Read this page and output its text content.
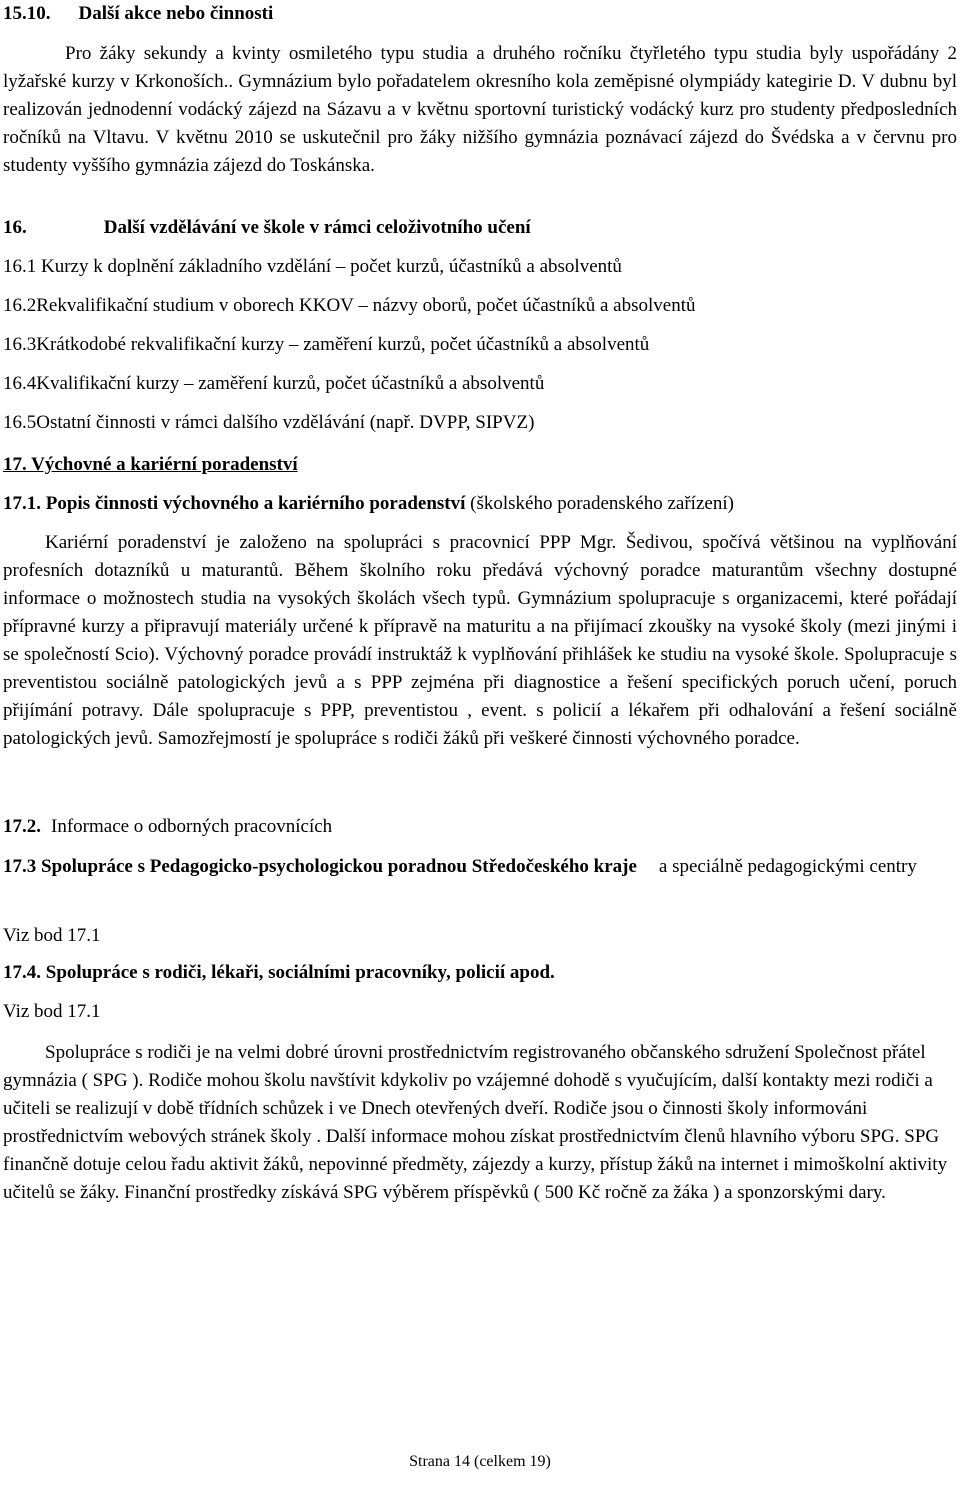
15.10. Další akce nebo činnosti

Pro žáky sekundy a kvinty osmiletého typu studia a druhého ročníku čtyřletého typu studia byly uspořádány 2 lyžařské kurzy v Krkonoších.. Gymnázium bylo pořadatelem okresního kola zeměpisné olympiády kategirie D. V dubnu byl realizován jednodenní vodácký zájezd na Sázavu a v květnu sportovní turistický vodácký kurz pro studenty předposledních ročníků na Vltavu. V květnu 2010 se uskutečnil pro žáky nižšího gymnázia poznávací zájezd do Švédska a v červnu pro studenty vyššího gymnázia zájezd do Toskánska.

16.	Další vzdělávání ve škole v rámci celoživotního učení
16.1 Kurzy k doplnění základního vzdělání – počet kurzů, účastníků a absolventů
16.2Rekvalifikační studium v oborech KKOV – názvy oborů, počet účastníků a absolventů
16.3Krátkodobé rekvalifikační kurzy – zaměření kurzů, počet účastníků a absolventů
16.4Kvalifikační kurzy – zaměření kurzů, počet účastníků a absolventů
16.5Ostatní činnosti v rámci dalšího vzdělávání (např. DVPP, SIPVZ)
17. Výchovné a kariérní poradenství
17.1. Popis činnosti výchovného a kariérního poradenství (školského poradenského zařízení)

Kariérní poradenství je založeno na spolupráci s pracovnicí PPP Mgr. Šedivou, spočívá většinou na vyplňování profesních dotazníků u maturantů. Během školního roku předává výchovný poradce maturantům všechny dostupné informace o možnostech studia na vysokých školách všech typů. Gymnázium spolupracuje s organizacemi, které pořádají přípravné kurzy a připravují materiály určené k přípravě na maturitu a na přijímací zkoušky na vysoké školy (mezi jinými i se společností Scio). Výchovný poradce provádí instruktáž k vyplňování přihlášek ke studiu na vysoké škole. Spolupracuje s preventistou sociálně patologických jevů a s PPP zejména při diagnostice a řešení specifických poruch učení, poruch přijímání potravy. Dále spolupracuje s PPP, preventistou , event. s policií a lékařem při odhalování a řešení sociálně patologických jevů. Samozřejmostí je spolupráce s rodiči žáků při veškeré činnosti výchovného poradce.

17.2. Informace o odborných pracovnících

17.3 Spolupráce s Pedagogicko-psychologickou poradnou Středočeského kraje a speciálně pedagogickými centry

Viz bod 17.1
17.4. Spolupráce s rodiči, lékaři, sociálními pracovníky, policií apod.
Viz bod 17.1

Spolupráce s rodiči je na velmi dobré úrovni prostřednictvím registrovaného občanského sdružení Společnost přátel gymnázia ( SPG ). Rodiče mohou školu navštívit kdykoliv po vzájemné dohodě s vyučujícím, další kontakty mezi rodiči a učiteli se realizují v době třídních schůzek i ve Dnech otevřených dveří. Rodiče jsou o činnosti školy informováni prostřednictvím webových stránek školy . Další informace mohou získat prostřednictvím členů hlavního výboru SPG. SPG finančně dotuje celou řadu aktivit žáků, nepovinné předměty, zájezdy a kurzy, přístup žáků na internet i mimoškolní aktivity učitelů se žáky. Finanční prostředky získává SPG výběrem příspěvků ( 500 Kč ročně za žáka ) a sponzorskými dary.

Strana 14 (celkem 19)
